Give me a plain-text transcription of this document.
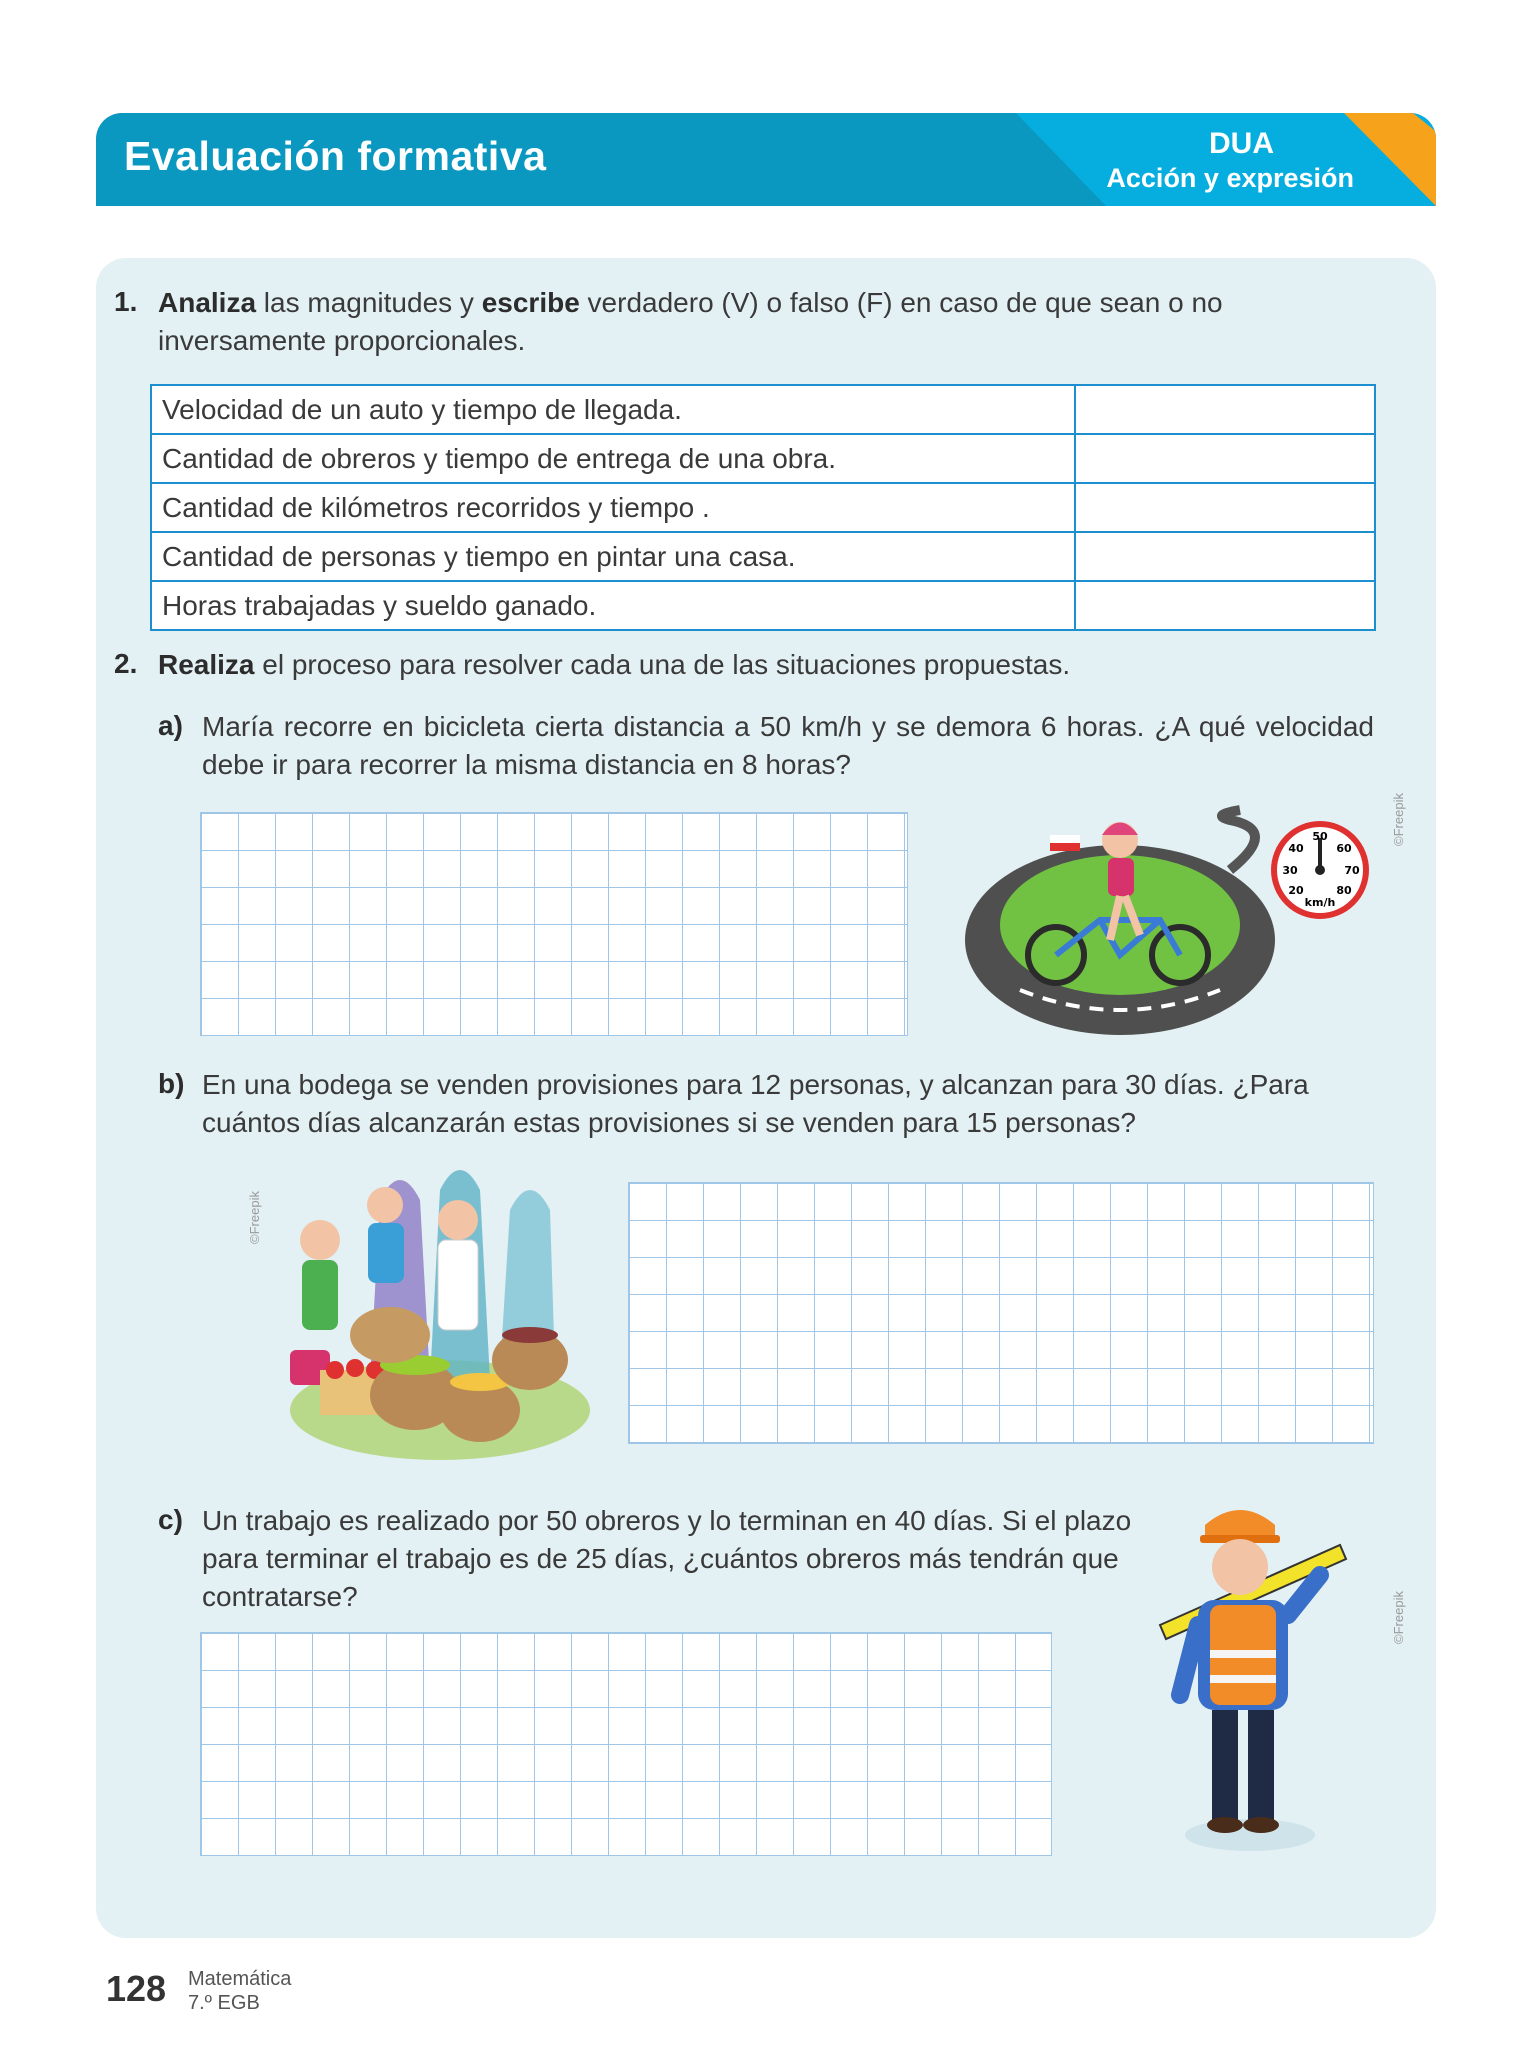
Evaluación formativa	DUA
Acción y expresión
1. Analiza las magnitudes y escribe verdadero (V) o falso (F) en caso de que sean o no inversamente proporcionales.
Velocidad de un auto y tiempo de llegada.	
Cantidad de obreros y tiempo de entrega de una obra.	
Cantidad de kilómetros recorridos y tiempo .	
Cantidad de personas y tiempo en pintar una casa.	
Horas trabajadas y sueldo ganado.	
2. Realiza el proceso para resolver cada una de las situaciones propuestas.
a) María recorre en bicicleta cierta distancia a 50 km/h y se demora 6 horas. ¿A qué velocidad debe ir para recorrer la misma distancia en 8 horas?
50
40	60
30	70
20	80
km/h
©Freepik
b) En una bodega se venden provisiones para 12 personas, y alcanzan para 30 días. ¿Para cuántos días alcanzarán estas provisiones si se venden para 15 personas?
©Freepik
c) Un trabajo es realizado por 50 obreros y lo terminan en 40 días. Si el plazo para terminar el trabajo es de 25 días, ¿cuántos obreros más tendrán que contratarse?	©Freepik
128 Matemática
7.º EGB
